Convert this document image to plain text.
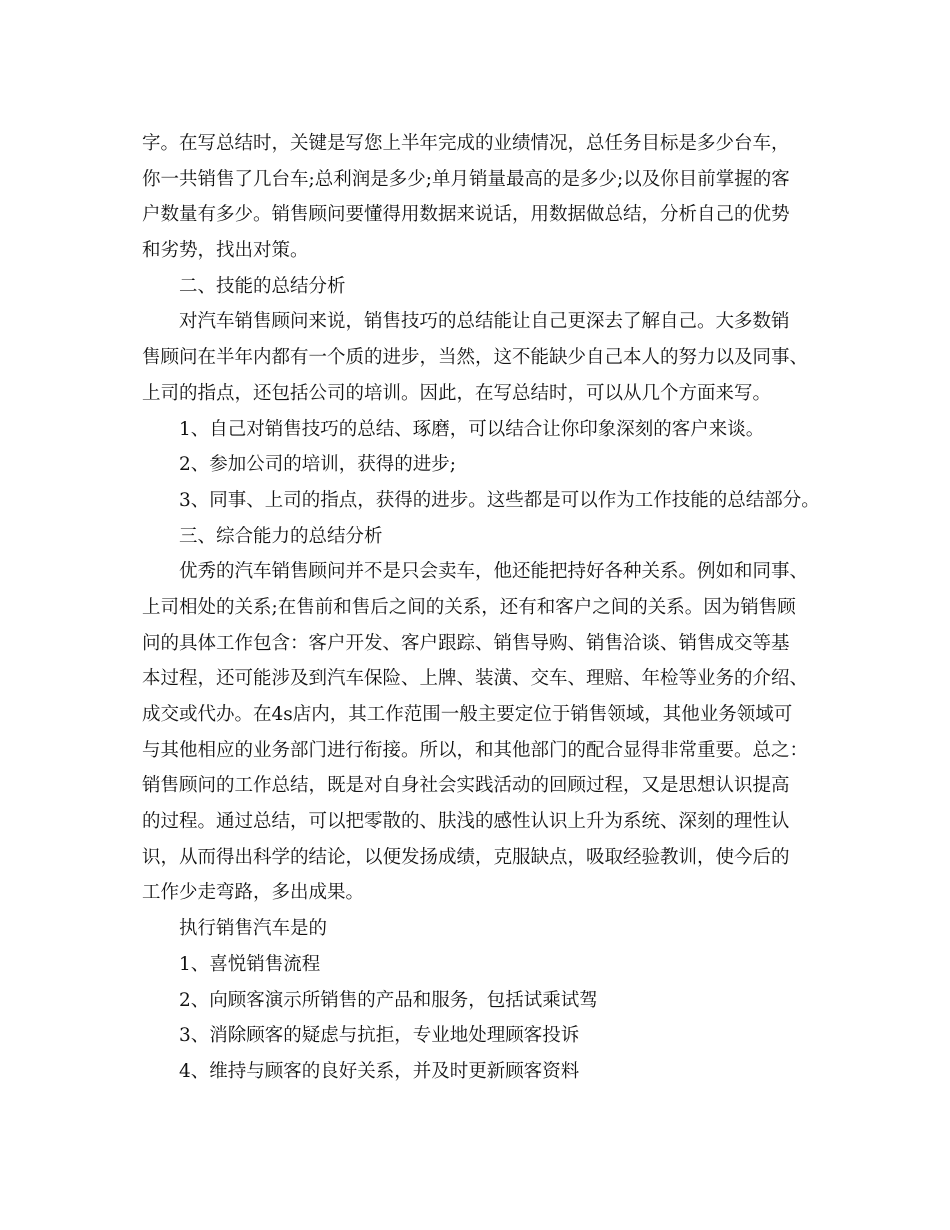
字。在写总结时，关键是写您上半年完成的业绩情况，总任务目标是多少台车，
你一共销售了几台车;总利润是多少;单月销量最高的是多少;以及你目前掌握的客
户数量有多少。销售顾问要懂得用数据来说话，用数据做总结，分析自己的优势
和劣势，找出对策。
二、技能的总结分析
对汽车销售顾问来说，销售技巧的总结能让自己更深去了解自己。大多数销
售顾问在半年内都有一个质的进步，当然，这不能缺少自己本人的努力以及同事、
上司的指点，还包括公司的培训。因此，在写总结时，可以从几个方面来写。
1、自己对销售技巧的总结、琢磨，可以结合让你印象深刻的客户来谈。
2、参加公司的培训，获得的进步;
3、同事、上司的指点，获得的进步。这些都是可以作为工作技能的总结部分。
三、综合能力的总结分析
优秀的汽车销售顾问并不是只会卖车，他还能把持好各种关系。例如和同事、
上司相处的关系;在售前和售后之间的关系，还有和客户之间的关系。因为销售顾
问的具体工作包含：客户开发、客户跟踪、销售导购、销售洽谈、销售成交等基
本过程，还可能涉及到汽车保险、上牌、装潢、交车、理赔、年检等业务的介绍、
成交或代办。在4s店内，其工作范围一般主要定位于销售领域，其他业务领域可
与其他相应的业务部门进行衔接。所以，和其他部门的配合显得非常重要。总之：
销售顾问的工作总结，既是对自身社会实践活动的回顾过程，又是思想认识提高
的过程。通过总结，可以把零散的、肤浅的感性认识上升为系统、深刻的理性认
识，从而得出科学的结论，以便发扬成绩，克服缺点，吸取经验教训，使今后的
工作少走弯路，多出成果。
执行销售汽车是的
1、喜悦销售流程
2、向顾客演示所销售的产品和服务，包括试乘试驾
3、消除顾客的疑虑与抗拒，专业地处理顾客投诉
4、维持与顾客的良好关系，并及时更新顾客资料
